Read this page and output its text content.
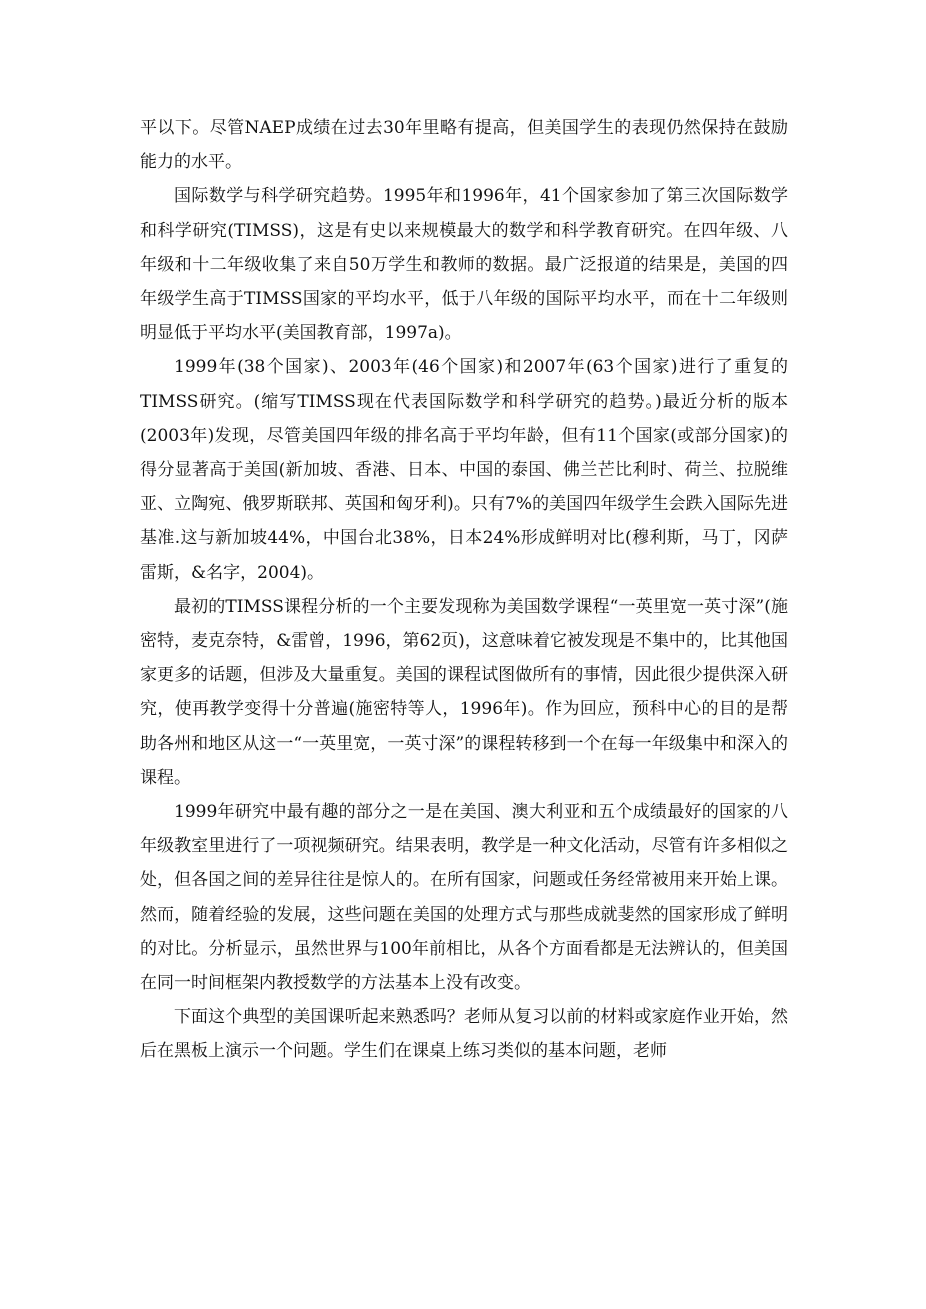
平以下。尽管NAEP成绩在过去30年里略有提高，但美国学生的表现仍然保持在鼓励能力的水平。

国际数学与科学研究趋势。1995年和1996年，41个国家参加了第三次国际数学和科学研究(TIMSS)，这是有史以来规模最大的数学和科学教育研究。在四年级、八年级和十二年级收集了来自50万学生和教师的数据。最广泛报道的结果是，美国的四年级学生高于TIMSS国家的平均水平，低于八年级的国际平均水平，而在十二年级则明显低于平均水平(美国教育部，1997a)。

1999年(38个国家)、2003年(46个国家)和2007年(63个国家)进行了重复的TIMSS研究。(缩写TIMSS现在代表国际数学和科学研究的趋势。)最近分析的版本(2003年)发现，尽管美国四年级的排名高于平均年龄，但有11个国家(或部分国家)的得分显著高于美国(新加坡、香港、日本、中国的泰国、佛兰芒比利时、荷兰、拉脱维亚、立陶宛、俄罗斯联邦、英国和匈牙利)。只有7%的美国四年级学生会跌入国际先进基准.这与新加坡44%，中国台北38%，日本24%形成鲜明对比(穆利斯，马丁，冈萨雷斯，&名字，2004)。

最初的TIMSS课程分析的一个主要发现称为美国数学课程“一英里宽一英寸深”(施密特，麦克奈特，&雷曾，1996，第62页)，这意味着它被发现是不集中的，比其他国家更多的话题，但涉及大量重复。美国的课程试图做所有的事情，因此很少提供深入研究，使再教学变得十分普遍(施密特等人，1996年)。作为回应，预科中心的目的是帮助各州和地区从这一“一英里宽，一英寸深”的课程转移到一个在每一年级集中和深入的课程。

1999年研究中最有趣的部分之一是在美国、澳大利亚和五个成绩最好的国家的八年级教室里进行了一项视频研究。结果表明，教学是一种文化活动，尽管有许多相似之处，但各国之间的差异往往是惊人的。在所有国家，问题或任务经常被用来开始上课。然而，随着经验的发展，这些问题在美国的处理方式与那些成就斐然的国家形成了鲜明的对比。分析显示，虽然世界与100年前相比，从各个方面看都是无法辨认的，但美国在同一时间框架内教授数学的方法基本上没有改变。

下面这个典型的美国课听起来熟悉吗？老师从复习以前的材料或家庭作业开始，然后在黑板上演示一个问题。学生们在课桌上练习类似的基本问题，老师
